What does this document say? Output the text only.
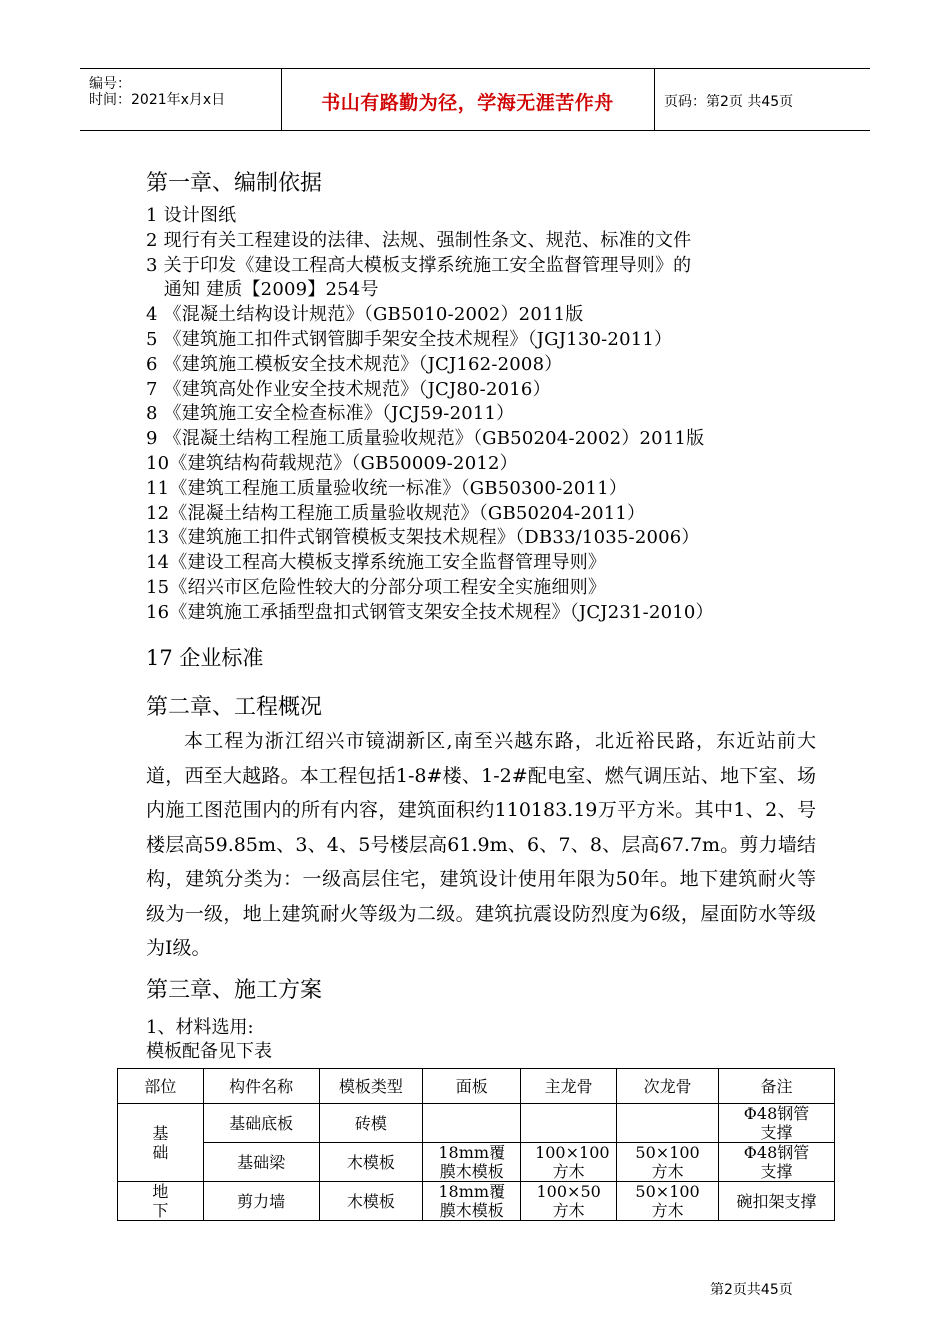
编号：
时间：2021年x月x日	书山有路勤为径，学海无涯苦作舟	页码：第2页 共45页
第一章、编制依据
1 设计图纸
2 现行有关工程建设的法律、法规、强制性条文、规范、标准的文件
3 关于印发《建设工程高大模板支撑系统施工安全监督管理导则》的
通知 建质【2009】254号
4 《混凝土结构设计规范》（GB5010-2002）2011版
5 《建筑施工扣件式钢管脚手架安全技术规程》（JGJ130-2011）
6 《建筑施工模板安全技术规范》（JCJ162-2008）
7 《建筑高处作业安全技术规范》（JCJ80-2016）
8 《建筑施工安全检查标准》（JCJ59-2011）
9 《混凝土结构工程施工质量验收规范》（GB50204-2002）2011版
10《建筑结构荷载规范》（GB50009-2012）
11《建筑工程施工质量验收统一标准》（GB50300-2011）
12《混凝土结构工程施工质量验收规范》（GB50204-2011）
13《建筑施工扣件式钢管模板支架技术规程》（DB33/1035-2006）
14《建设工程高大模板支撑系统施工安全监督管理导则》
15《绍兴市区危险性较大的分部分项工程安全实施细则》
16《建筑施工承插型盘扣式钢管支架安全技术规程》（JCJ231-2010）
17 企业标准
第二章、工程概况
本工程为浙江绍兴市镜湖新区,南至兴越东路，北近裕民路，东近站前大道，西至大越路。本工程包括1-8#楼、1-2#配电室、燃气调压站、地下室、场内施工图范围内的所有内容，建筑面积约110183.19万平方米。其中1、2、号楼层高59.85m、3、4、5号楼层高61.9m、6、7、8、层高67.7m。剪力墙结构，建筑分类为：一级高层住宅，建筑设计使用年限为50年。地下建筑耐火等级为一级，地上建筑耐火等级为二级。建筑抗震设防烈度为6级，屋面防水等级为Ⅰ级。
第三章、施工方案
1、材料选用:
模板配备见下表
部位	构件名称	模板类型	面板	主龙骨	次龙骨	备注

基础	基础底板	砖模				Φ48钢管支撑

	基础梁	木模板	18mm覆膜木模板	100×100方木	50×100方木	Φ48钢管支撑

地下	剪力墙	木模板	18mm覆膜木模板	100×50方木	50×100方木	碗扣架支撑
第2页共45页
